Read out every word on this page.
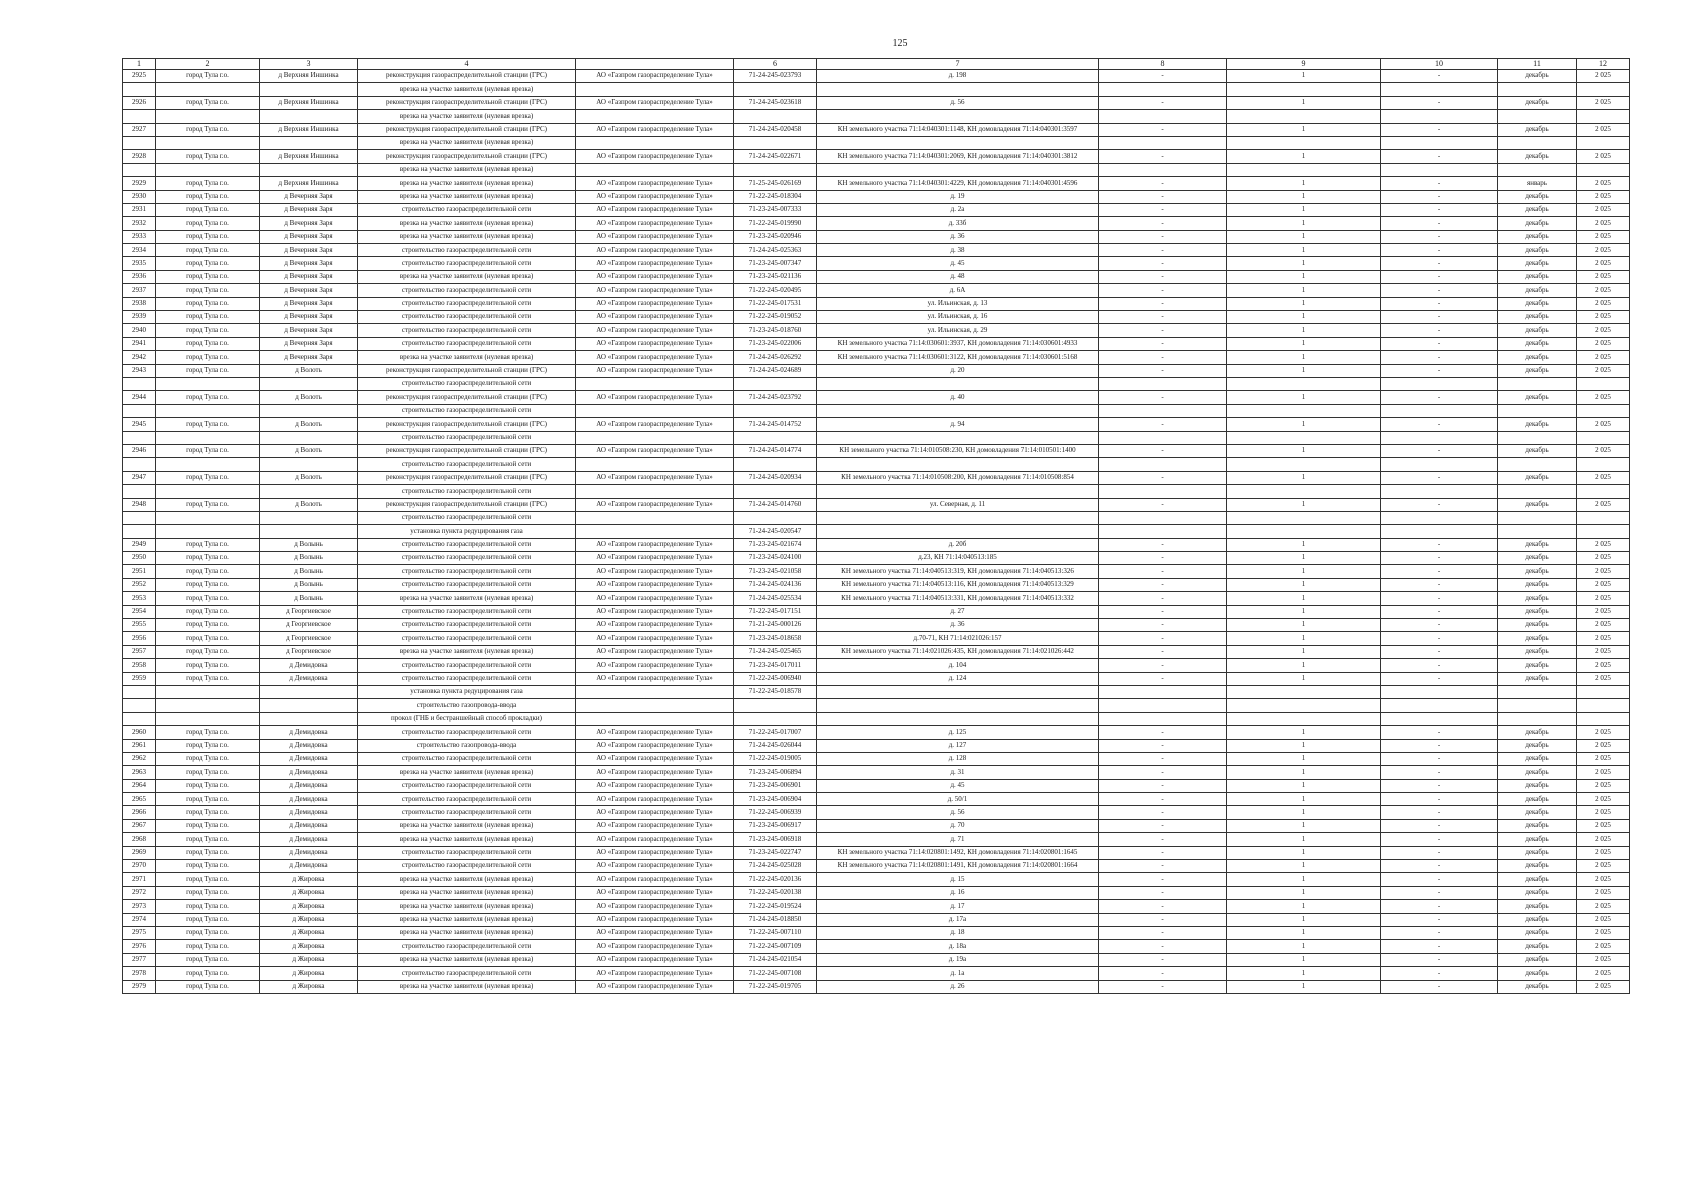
125
1	2	3	4		6	7	8	9	10	11	12
2925	город Тула г.о.	д Верхняя Иншинка	реконструкция газораспределительной станции (ГРС)	АО «Газпром газораспределение Тула»	71-24-245-023793	д. 198	-	1	-	декабрь	2 025
			врезка на участке заявителя (нулевая врезка)								
2926	город Тула г.о.	д Верхняя Иншинка	реконструкция газораспределительной станции (ГРС)	АО «Газпром газораспределение Тула»	71-24-245-023618	д. 56	-	1	-	декабрь	2 025
			врезка на участке заявителя (нулевая врезка)								
2927	город Тула г.о.	д Верхняя Иншинка	реконструкция газораспределительной станции (ГРС)	АО «Газпром газораспределение Тула»	71-24-245-020458	КН земельного участка 71:14:040301:1148, КН домовладения 71:14:040301:3597	-	1	-	декабрь	2 025
			врезка на участке заявителя (нулевая врезка)								
2928	город Тула г.о.	д Верхняя Иншинка	реконструкция газораспределительной станции (ГРС)	АО «Газпром газораспределение Тула»	71-24-245-022671	КН земельного участка 71:14:040301:2069, КН домовладения 71:14:040301:3812	-	1	-	декабрь	2 025
			врезка на участке заявителя (нулевая врезка)								
2929	город Тула г.о.	д Верхняя Иншинка	врезка на участке заявителя (нулевая врезка)	АО «Газпром газораспределение Тула»	71-25-245-026169	КН земельного участка 71:14:040301:4229, КН домовладения 71:14:040301:4596	-	1	-	январь	2 025
2930	город Тула г.о.	д Вечерняя Заря	врезка на участке заявителя (нулевая врезка)	АО «Газпром газораспределение Тула»	71-22-245-018304	д. 19	-	1	-	декабрь	2 025
2931	город Тула г.о.	д Вечерняя Заря	строительство газораспределительной сети	АО «Газпром газораспределение Тула»	71-23-245-007333	д. 2а	-	1	-	декабрь	2 025
2932	город Тула г.о.	д Вечерняя Заря	врезка на участке заявителя (нулевая врезка)	АО «Газпром газораспределение Тула»	71-22-245-019990	д. 33б	-	1	-	декабрь	2 025
2933	город Тула г.о.	д Вечерняя Заря	врезка на участке заявителя (нулевая врезка)	АО «Газпром газораспределение Тула»	71-23-245-020946	д. 36	-	1	-	декабрь	2 025
2934	город Тула г.о.	д Вечерняя Заря	строительство газораспределительной сети	АО «Газпром газораспределение Тула»	71-24-245-025363	д. 38	-	1	-	декабрь	2 025
2935	город Тула г.о.	д Вечерняя Заря	строительство газораспределительной сети	АО «Газпром газораспределение Тула»	71-23-245-007347	д. 45	-	1	-	декабрь	2 025
2936	город Тула г.о.	д Вечерняя Заря	врезка на участке заявителя (нулевая врезка)	АО «Газпром газораспределение Тула»	71-23-245-021136	д. 48	-	1	-	декабрь	2 025
2937	город Тула г.о.	д Вечерняя Заря	строительство газораспределительной сети	АО «Газпром газораспределение Тула»	71-22-245-020495	д. 6А	-	1	-	декабрь	2 025
2938	город Тула г.о.	д Вечерняя Заря	строительство газораспределительной сети	АО «Газпром газораспределение Тула»	71-22-245-017531	ул. Ильинская, д. 13	-	1	-	декабрь	2 025
2939	город Тула г.о.	д Вечерняя Заря	строительство газораспределительной сети	АО «Газпром газораспределение Тула»	71-22-245-019052	ул. Ильинская, д. 16	-	1	-	декабрь	2 025
2940	город Тула г.о.	д Вечерняя Заря	строительство газораспределительной сети	АО «Газпром газораспределение Тула»	71-23-245-018760	ул. Ильинская, д. 29	-	1	-	декабрь	2 025
2941	город Тула г.о.	д Вечерняя Заря	строительство газораспределительной сети	АО «Газпром газораспределение Тула»	71-23-245-022006	КН земельного участка 71:14:030601:3937, КН домовладения 71:14:030601:4933	-	1	-	декабрь	2 025
2942	город Тула г.о.	д Вечерняя Заря	врезка на участке заявителя (нулевая врезка)	АО «Газпром газораспределение Тула»	71-24-245-026292	КН земельного участка 71:14:030601:3122, КН домовладения 71:14:030601:5168	-	1	-	декабрь	2 025
2943	город Тула г.о.	д Волоть	реконструкция газораспределительной станции (ГРС)	АО «Газпром газораспределение Тула»	71-24-245-024689	д. 20	-	1	-	декабрь	2 025
			строительство газораспределительной сети								
2944	город Тула г.о.	д Волоть	реконструкция газораспределительной станции (ГРС)	АО «Газпром газораспределение Тула»	71-24-245-023792	д. 40	-	1	-	декабрь	2 025
			строительство газораспределительной сети								
2945	город Тула г.о.	д Волоть	реконструкция газораспределительной станции (ГРС)	АО «Газпром газораспределение Тула»	71-24-245-014752	д. 94	-	1	-	декабрь	2 025
			строительство газораспределительной сети								
2946	город Тула г.о.	д Волоть	реконструкция газораспределительной станции (ГРС)	АО «Газпром газораспределение Тула»	71-24-245-014774	КН земельного участка 71:14:010508:230, КН домовладения 71:14:010501:1400	-	1	-	декабрь	2 025
			строительство газораспределительной сети								
2947	город Тула г.о.	д Волоть	реконструкция газораспределительной станции (ГРС)	АО «Газпром газораспределение Тула»	71-24-245-020934	КН земельного участка 71:14:010508:200, КН домовладения 71:14:010508:854	-	1	-	декабрь	2 025
			строительство газораспределительной сети								
2948	город Тула г.о.	д Волоть	реконструкция газораспределительной станции (ГРС)	АО «Газпром газораспределение Тула»	71-24-245-014760	ул. Северная, д. 11	-	1	-	декабрь	2 025
			строительство газораспределительной сети								
			установка пункта редуцирования газа		71-24-245-020547						
2949	город Тула г.о.	д Волынь	строительство газораспределительной сети	АО «Газпром газораспределение Тула»	71-23-245-021674	д. 20б	-	1	-	декабрь	2 025
2950	город Тула г.о.	д Волынь	строительство газораспределительной сети	АО «Газпром газораспределение Тула»	71-23-245-024100	д.23, КН 71:14:040513:185	-	1	-	декабрь	2 025
2951	город Тула г.о.	д Волынь	строительство газораспределительной сети	АО «Газпром газораспределение Тула»	71-23-245-021058	КН земельного участка 71:14:040513:319, КН домовладения 71:14:040513:326	-	1	-	декабрь	2 025
2952	город Тула г.о.	д Волынь	строительство газораспределительной сети	АО «Газпром газораспределение Тула»	71-24-245-024136	КН земельного участка 71:14:040513:116, КН домовладения 71:14:040513:329	-	1	-	декабрь	2 025
2953	город Тула г.о.	д Волынь	врезка на участке заявителя (нулевая врезка)	АО «Газпром газораспределение Тула»	71-24-245-025534	КН земельного участка 71:14:040513:331, КН домовладения 71:14:040513:332	-	1	-	декабрь	2 025
2954	город Тула г.о.	д Георгиевское	строительство газораспределительной сети	АО «Газпром газораспределение Тула»	71-22-245-017151	д. 27	-	1	-	декабрь	2 025
2955	город Тула г.о.	д Георгиевское	строительство газораспределительной сети	АО «Газпром газораспределение Тула»	71-21-245-000126	д. 36	-	1	-	декабрь	2 025
2956	город Тула г.о.	д Георгиевское	строительство газораспределительной сети	АО «Газпром газораспределение Тула»	71-23-245-018658	д.70-71, КН 71:14:021026:157	-	1	-	декабрь	2 025
2957	город Тула г.о.	д Георгиевское	врезка на участке заявителя (нулевая врезка)	АО «Газпром газораспределение Тула»	71-24-245-025465	КН земельного участка 71:14:021026:435, КН домовладения 71:14:021026:442	-	1	-	декабрь	2 025
2958	город Тула г.о.	д Демидовка	строительство газораспределительной сети	АО «Газпром газораспределение Тула»	71-23-245-017011	д. 104	-	1	-	декабрь	2 025
2959	город Тула г.о.	д Демидовка	строительство газораспределительной сети	АО «Газпром газораспределение Тула»	71-22-245-006940	д. 124	-	1	-	декабрь	2 025
			установка пункта редуцирования газа		71-22-245-018578						
			строительство газопровода-ввода								
			прокол (ГНБ и бестраншейный способ прокладки)								
2960	город Тула г.о.	д Демидовка	строительство газораспределительной сети	АО «Газпром газораспределение Тула»	71-22-245-017007	д. 125	-	1	-	декабрь	2 025
2961	город Тула г.о.	д Демидовка	строительство газопровода-ввода	АО «Газпром газораспределение Тула»	71-24-245-026044	д. 127	-	1	-	декабрь	2 025
2962	город Тула г.о.	д Демидовка	строительство газораспределительной сети	АО «Газпром газораспределение Тула»	71-22-245-019005	д. 128	-	1	-	декабрь	2 025
2963	город Тула г.о.	д Демидовка	врезка на участке заявителя (нулевая врезка)	АО «Газпром газораспределение Тула»	71-23-245-006894	д. 31	-	1	-	декабрь	2 025
2964	город Тула г.о.	д Демидовка	строительство газораспределительной сети	АО «Газпром газораспределение Тула»	71-23-245-006901	д. 45	-	1	-	декабрь	2 025
2965	город Тула г.о.	д Демидовка	строительство газораспределительной сети	АО «Газпром газораспределение Тула»	71-23-245-006904	д. 50/1	-	1	-	декабрь	2 025
2966	город Тула г.о.	д Демидовка	строительство газораспределительной сети	АО «Газпром газораспределение Тула»	71-22-245-006939	д. 56	-	1	-	декабрь	2 025
2967	город Тула г.о.	д Демидовка	врезка на участке заявителя (нулевая врезка)	АО «Газпром газораспределение Тула»	71-23-245-006917	д. 70	-	1	-	декабрь	2 025
2968	город Тула г.о.	д Демидовка	врезка на участке заявителя (нулевая врезка)	АО «Газпром газораспределение Тула»	71-23-245-006918	д. 71	-	1	-	декабрь	2 025
2969	город Тула г.о.	д Демидовка	строительство газораспределительной сети	АО «Газпром газораспределение Тула»	71-23-245-022747	КН земельного участка 71:14:020801:1492, КН домовладения 71:14:020801:1645	-	1	-	декабрь	2 025
2970	город Тула г.о.	д Демидовка	строительство газораспределительной сети	АО «Газпром газораспределение Тула»	71-24-245-025028	КН земельного участка 71:14:020801:1491, КН домовладения 71:14:020801:1664	-	1	-	декабрь	2 025
2971	город Тула г.о.	д Жировка	врезка на участке заявителя (нулевая врезка)	АО «Газпром газораспределение Тула»	71-22-245-020136	д. 15	-	1	-	декабрь	2 025
2972	город Тула г.о.	д Жировка	врезка на участке заявителя (нулевая врезка)	АО «Газпром газораспределение Тула»	71-22-245-020138	д. 16	-	1	-	декабрь	2 025
2973	город Тула г.о.	д Жировка	врезка на участке заявителя (нулевая врезка)	АО «Газпром газораспределение Тула»	71-22-245-019524	д. 17	-	1	-	декабрь	2 025
2974	город Тула г.о.	д Жировка	врезка на участке заявителя (нулевая врезка)	АО «Газпром газораспределение Тула»	71-24-245-018850	д. 17а	-	1	-	декабрь	2 025
2975	город Тула г.о.	д Жировка	врезка на участке заявителя (нулевая врезка)	АО «Газпром газораспределение Тула»	71-22-245-007110	д. 18	-	1	-	декабрь	2 025
2976	город Тула г.о.	д Жировка	строительство газораспределительной сети	АО «Газпром газораспределение Тула»	71-22-245-007109	д. 18а	-	1	-	декабрь	2 025
2977	город Тула г.о.	д Жировка	врезка на участке заявителя (нулевая врезка)	АО «Газпром газораспределение Тула»	71-24-245-021054	д. 19а	-	1	-	декабрь	2 025
2978	город Тула г.о.	д Жировка	строительство газораспределительной сети	АО «Газпром газораспределение Тула»	71-22-245-007108	д. 1а	-	1	-	декабрь	2 025
2979	город Тула г.о.	д Жировка	врезка на участке заявителя (нулевая врезка)	АО «Газпром газораспределение Тула»	71-22-245-019705	д. 26	-	1	-	декабрь	2 025
